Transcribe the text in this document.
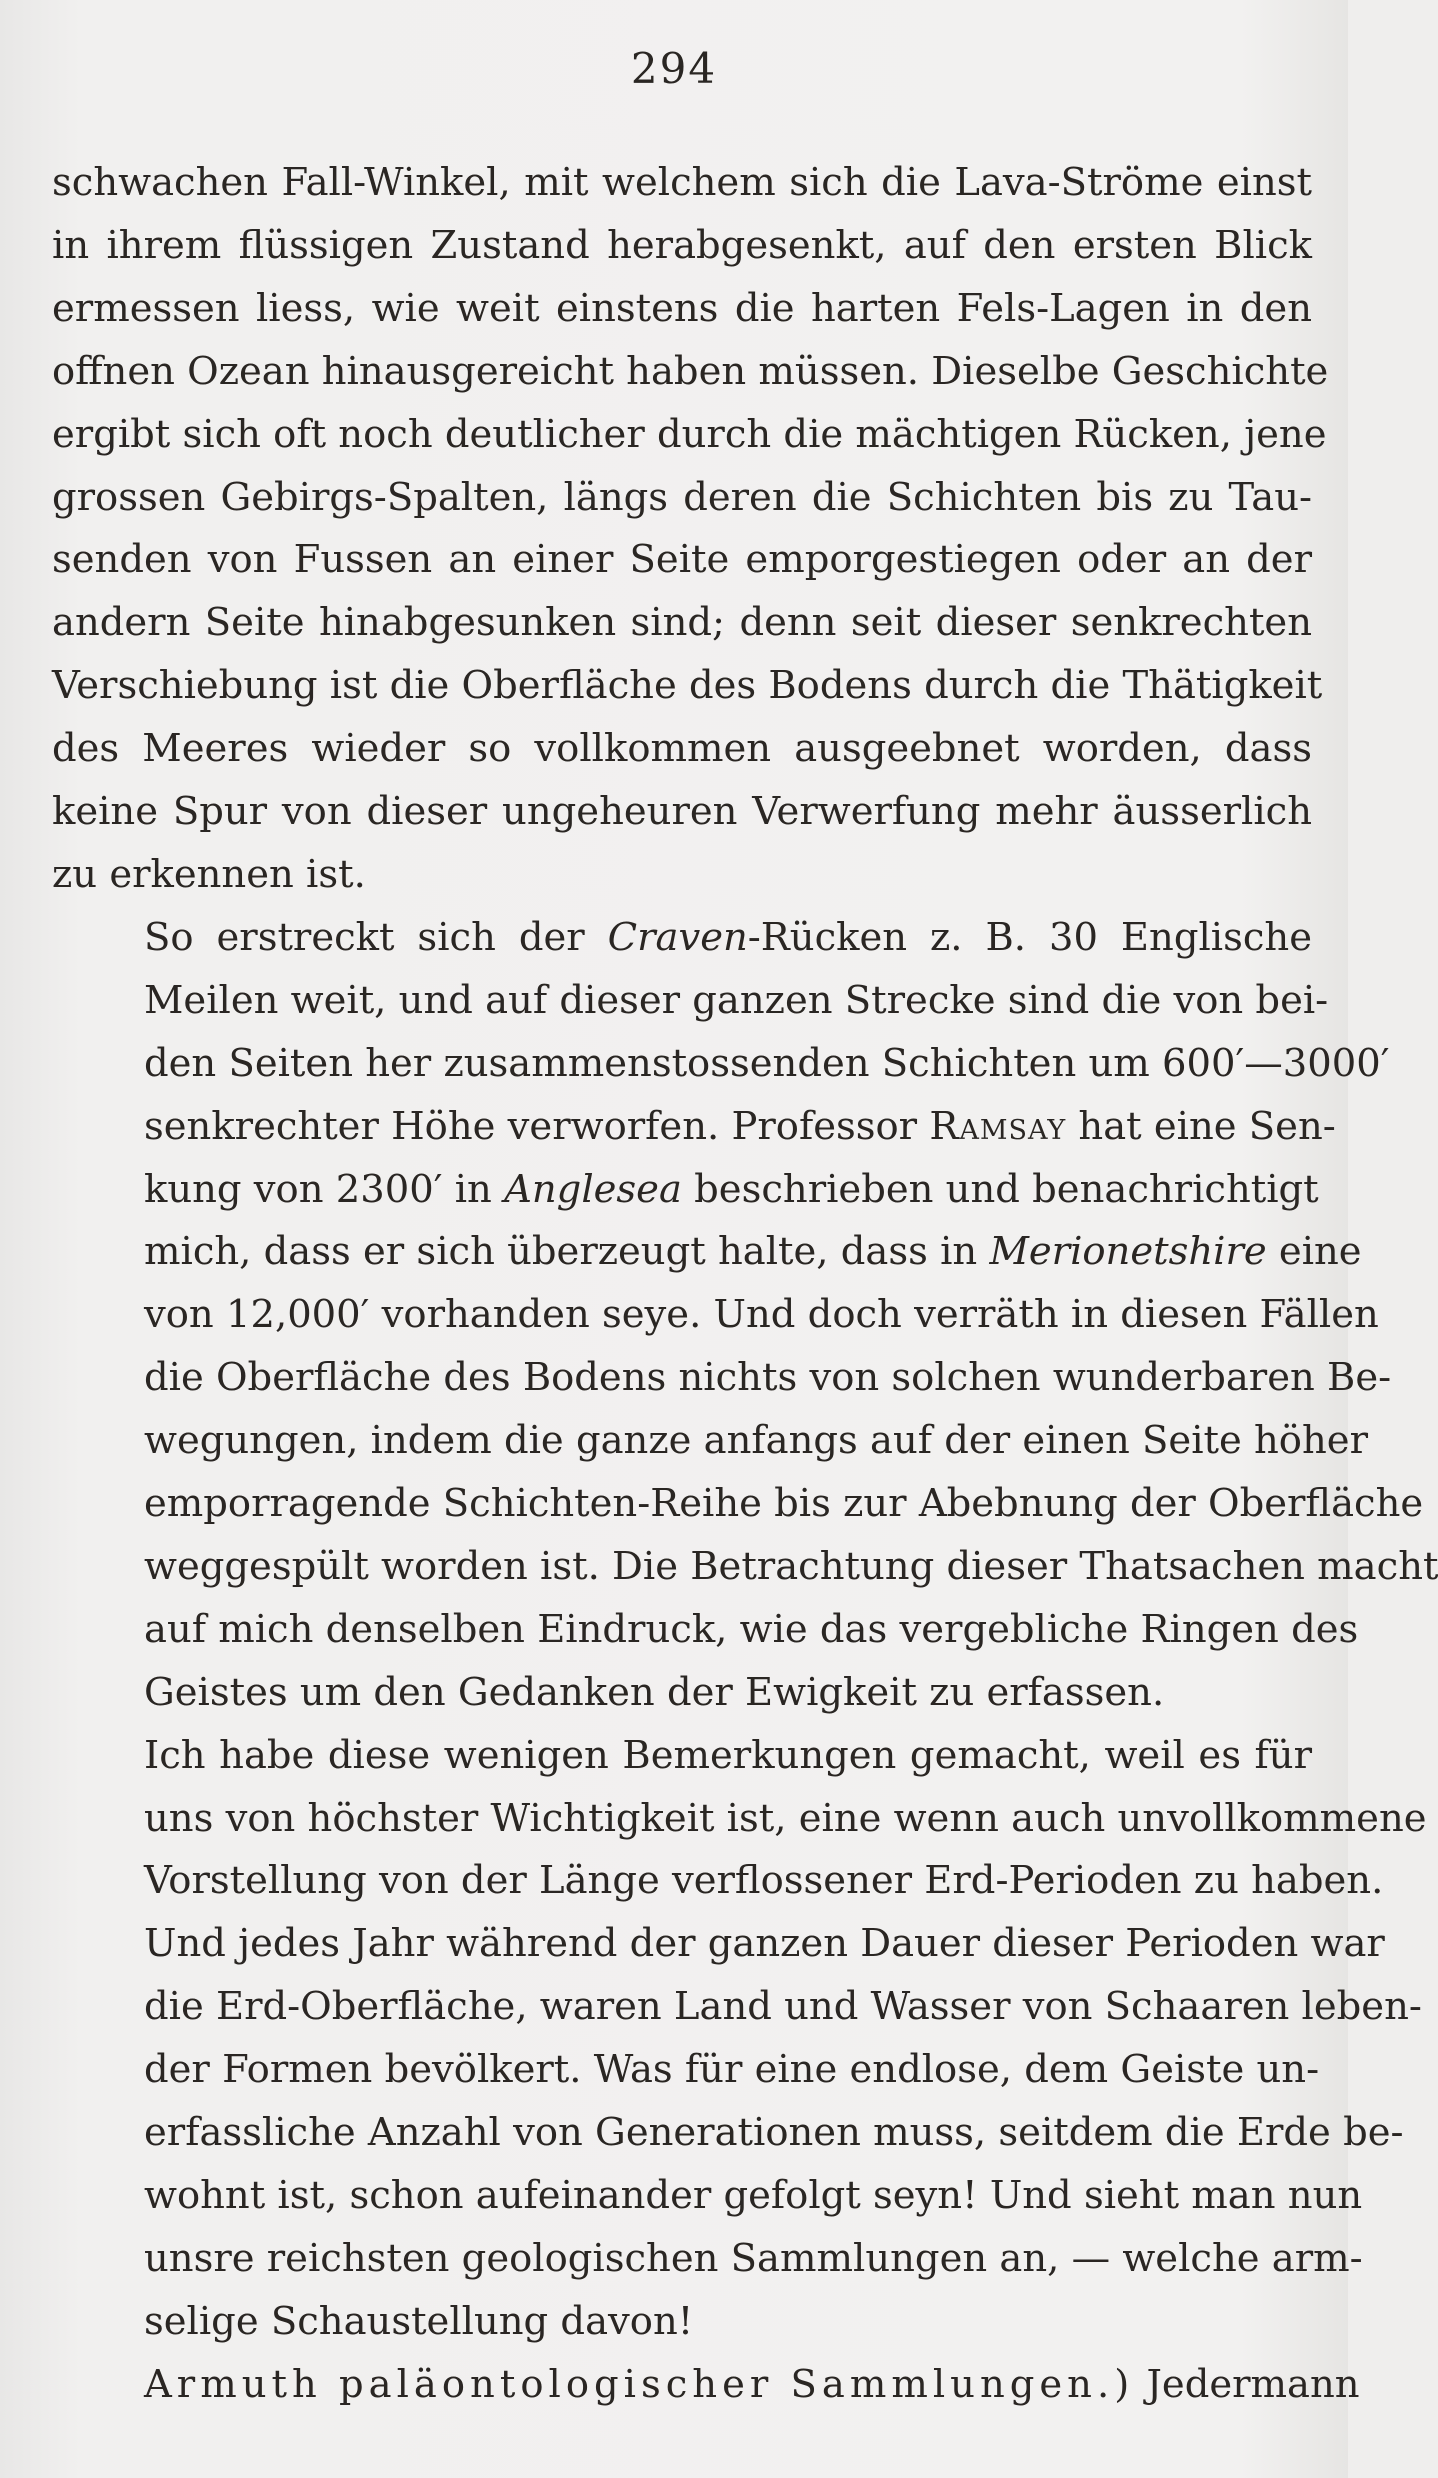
294

schwachen Fall-Winkel, mit welchem sich die Lava-Ströme einst
in ihrem flüssigen Zustand herabgesenkt, auf den ersten Blick
ermessen liess, wie weit einstens die harten Fels-Lagen in den
offnen Ozean hinausgereicht haben müssen. Dieselbe Geschichte
ergibt sich oft noch deutlicher durch die mächtigen Rücken, jene
grossen Gebirgs-Spalten, längs deren die Schichten bis zu Tau-
senden von Fussen an einer Seite emporgestiegen oder an der
andern Seite hinabgesunken sind; denn seit dieser senkrechten
Verschiebung ist die Oberfläche des Bodens durch die Thätigkeit
des Meeres wieder so vollkommen ausgeebnet worden, dass
keine Spur von dieser ungeheuren Verwerfung mehr äusserlich
zu erkennen ist.

So erstreckt sich der Craven-Rücken z. B. 30 Englische
Meilen weit, und auf dieser ganzen Strecke sind die von bei-
den Seiten her zusammenstossenden Schichten um 600′—3000′
senkrechter Höhe verworfen. Professor Ramsay hat eine Sen-
kung von 2300′ in Anglesea beschrieben und benachrichtigt
mich, dass er sich überzeugt halte, dass in Merionetshire eine
von 12,000′ vorhanden seye. Und doch verräth in diesen Fällen
die Oberfläche des Bodens nichts von solchen wunderbaren Be-
wegungen, indem die ganze anfangs auf der einen Seite höher
emporragende Schichten-Reihe bis zur Abebnung der Oberfläche
weggespült worden ist. Die Betrachtung dieser Thatsachen macht
auf mich denselben Eindruck, wie das vergebliche Ringen des
Geistes um den Gedanken der Ewigkeit zu erfassen.

Ich habe diese wenigen Bemerkungen gemacht, weil es für
uns von höchster Wichtigkeit ist, eine wenn auch unvollkommene
Vorstellung von der Länge verflossener Erd-Perioden zu haben.
Und jedes Jahr während der ganzen Dauer dieser Perioden war
die Erd-Oberfläche, waren Land und Wasser von Schaaren leben-
der Formen bevölkert. Was für eine endlose, dem Geiste un-
erfassliche Anzahl von Generationen muss, seitdem die Erde be-
wohnt ist, schon aufeinander gefolgt seyn! Und sieht man nun
unsre reichsten geologischen Sammlungen an, — welche arm-
selige Schaustellung davon!

Armuth paläontologischer Sammlungen.) Jedermann
